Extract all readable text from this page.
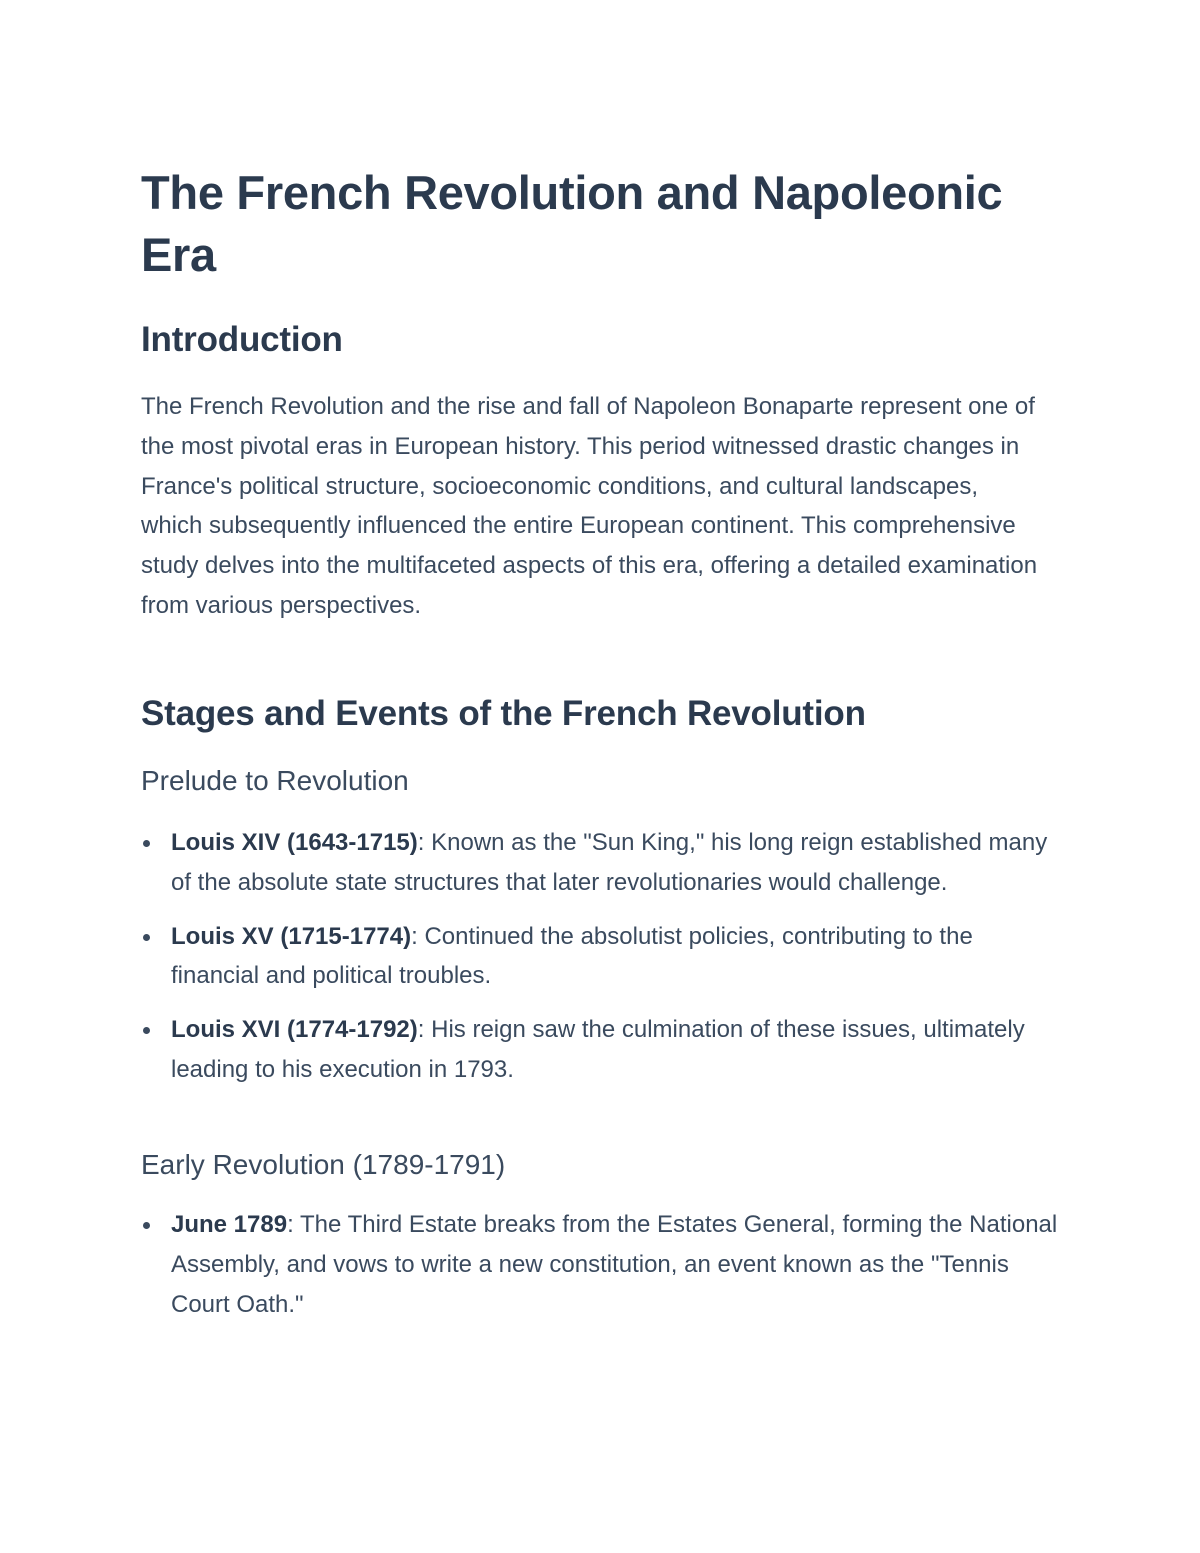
The French Revolution and Napoleonic Era
Introduction

The French Revolution and the rise and fall of Napoleon Bonaparte represent one of the most pivotal eras in European history. This period witnessed drastic changes in France's political structure, socioeconomic conditions, and cultural landscapes, which subsequently influenced the entire European continent. This comprehensive study delves into the multifaceted aspects of this era, offering a detailed examination from various perspectives.

Stages and Events of the French Revolution
Prelude to Revolution
Louis XIV (1643-1715): Known as the "Sun King," his long reign established many of the absolute state structures that later revolutionaries would challenge.
Louis XV (1715-1774): Continued the absolutist policies, contributing to the financial and political troubles.
Louis XVI (1774-1792): His reign saw the culmination of these issues, ultimately leading to his execution in 1793.
Early Revolution (1789-1791)
June 1789: The Third Estate breaks from the Estates General, forming the National Assembly, and vows to write a new constitution, an event known as the "Tennis Court Oath."
